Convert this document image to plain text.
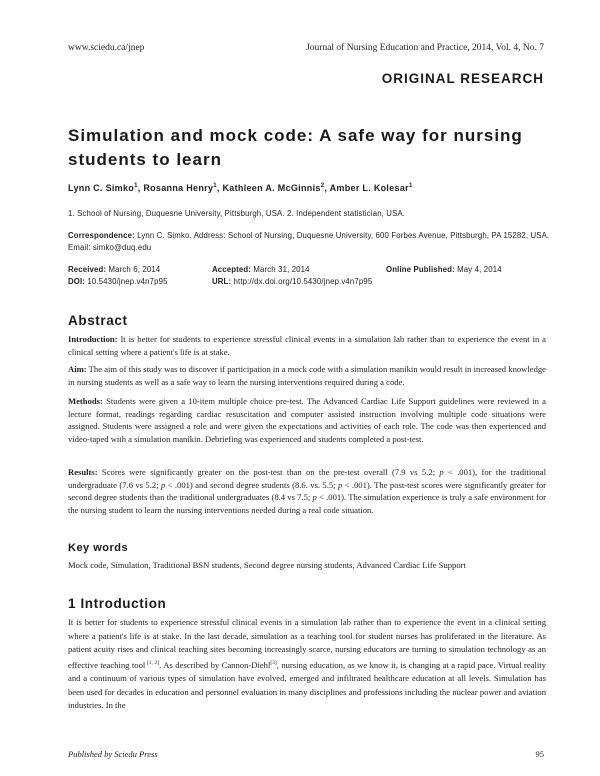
www.sciedu.ca/jnep	Journal of Nursing Education and Practice, 2014, Vol. 4, No. 7
ORIGINAL RESEARCH
Simulation and mock code: A safe way for nursing
students to learn
Lynn C. Simko$^1$, Rosanna Henry$^1$, Kathleen A. McGinnis$^2$, Amber L. Kolesar$^1$
1. School of Nursing, Duquesne University, Pittsburgh, USA. 2. Independent statistician, USA.
Correspondence: Lynn C. Simko. Address: School of Nursing, Duquesne University, 600 Forbes Avenue, Pittsburgh, PA 15282, USA. Email: simko@duq.edu
Received: March 6, 2014	Accepted: March 31, 2014	Online Published: May 4, 2014
DOI: 10.5430/jnep.v4n7p95	URL: http://dx.doi.org/10.5430/jnep.v4n7p95
Abstract
Introduction: It is better for students to experience stressful clinical events in a simulation lab rather than to experience the event in a clinical setting where a patient's life is at stake.
Aim: The aim of this study was to discover if participation in a mock code with a simulation manikin would result in increased knowledge in nursing students as well as a safe way to learn the nursing interventions required during a code.
Methods: Students were given a 10-item multiple choice pre-test. The Advanced Cardiac Life Support guidelines were reviewed in a lecture format, readings regarding cardiac resuscitation and computer assisted instruction involving multiple code situations were assigned. Students were assigned a role and were given the expectations and activities of each role. The code was then experienced and video-taped with a simulation manikin. Debriefing was experienced and students completed a post-test.
Results: Scores were significantly greater on the post-test than on the pre-test overall (7.9 vs 5.2; p < .001), for the traditional undergraduate (7.6 vs 5.2; p < .001) and second degree students (8.6. vs. 5.5; p < .001). The post-test scores were significantly greater for second degree students than the traditional undergraduates (8.4 vs 7.5; p < .001). The simulation experience is truly a safe environment for the nursing student to learn the nursing interventions needed during a real code situation.
Key words
Mock code, Simulation, Traditional BSN students, Second degree nursing students, Advanced Cardiac Life Support
1 Introduction
It is better for students to experience stressful clinical events in a simulation lab rather than to experience the event in a clinical setting where a patient's life is at stake. In the last decade, simulation as a teaching tool for student nurses has proliferated in the literature. As patient acuity rises and clinical teaching sites becoming increasingly scarce, nursing educators are turning to simulation technology as an effective teaching tool [1, 2]. As described by Cannon-Diehl[3], nursing education, as we know it, is changing at a rapid pace. Virtual reality and a continuum of various types of simulation have evolved, emerged and infiltrated healthcare education at all levels. Simulation has been used for decades in education and personnel evaluation in many disciplines and professions including the nuclear power and aviation industries. In the
Published by Sciedu Press	95
